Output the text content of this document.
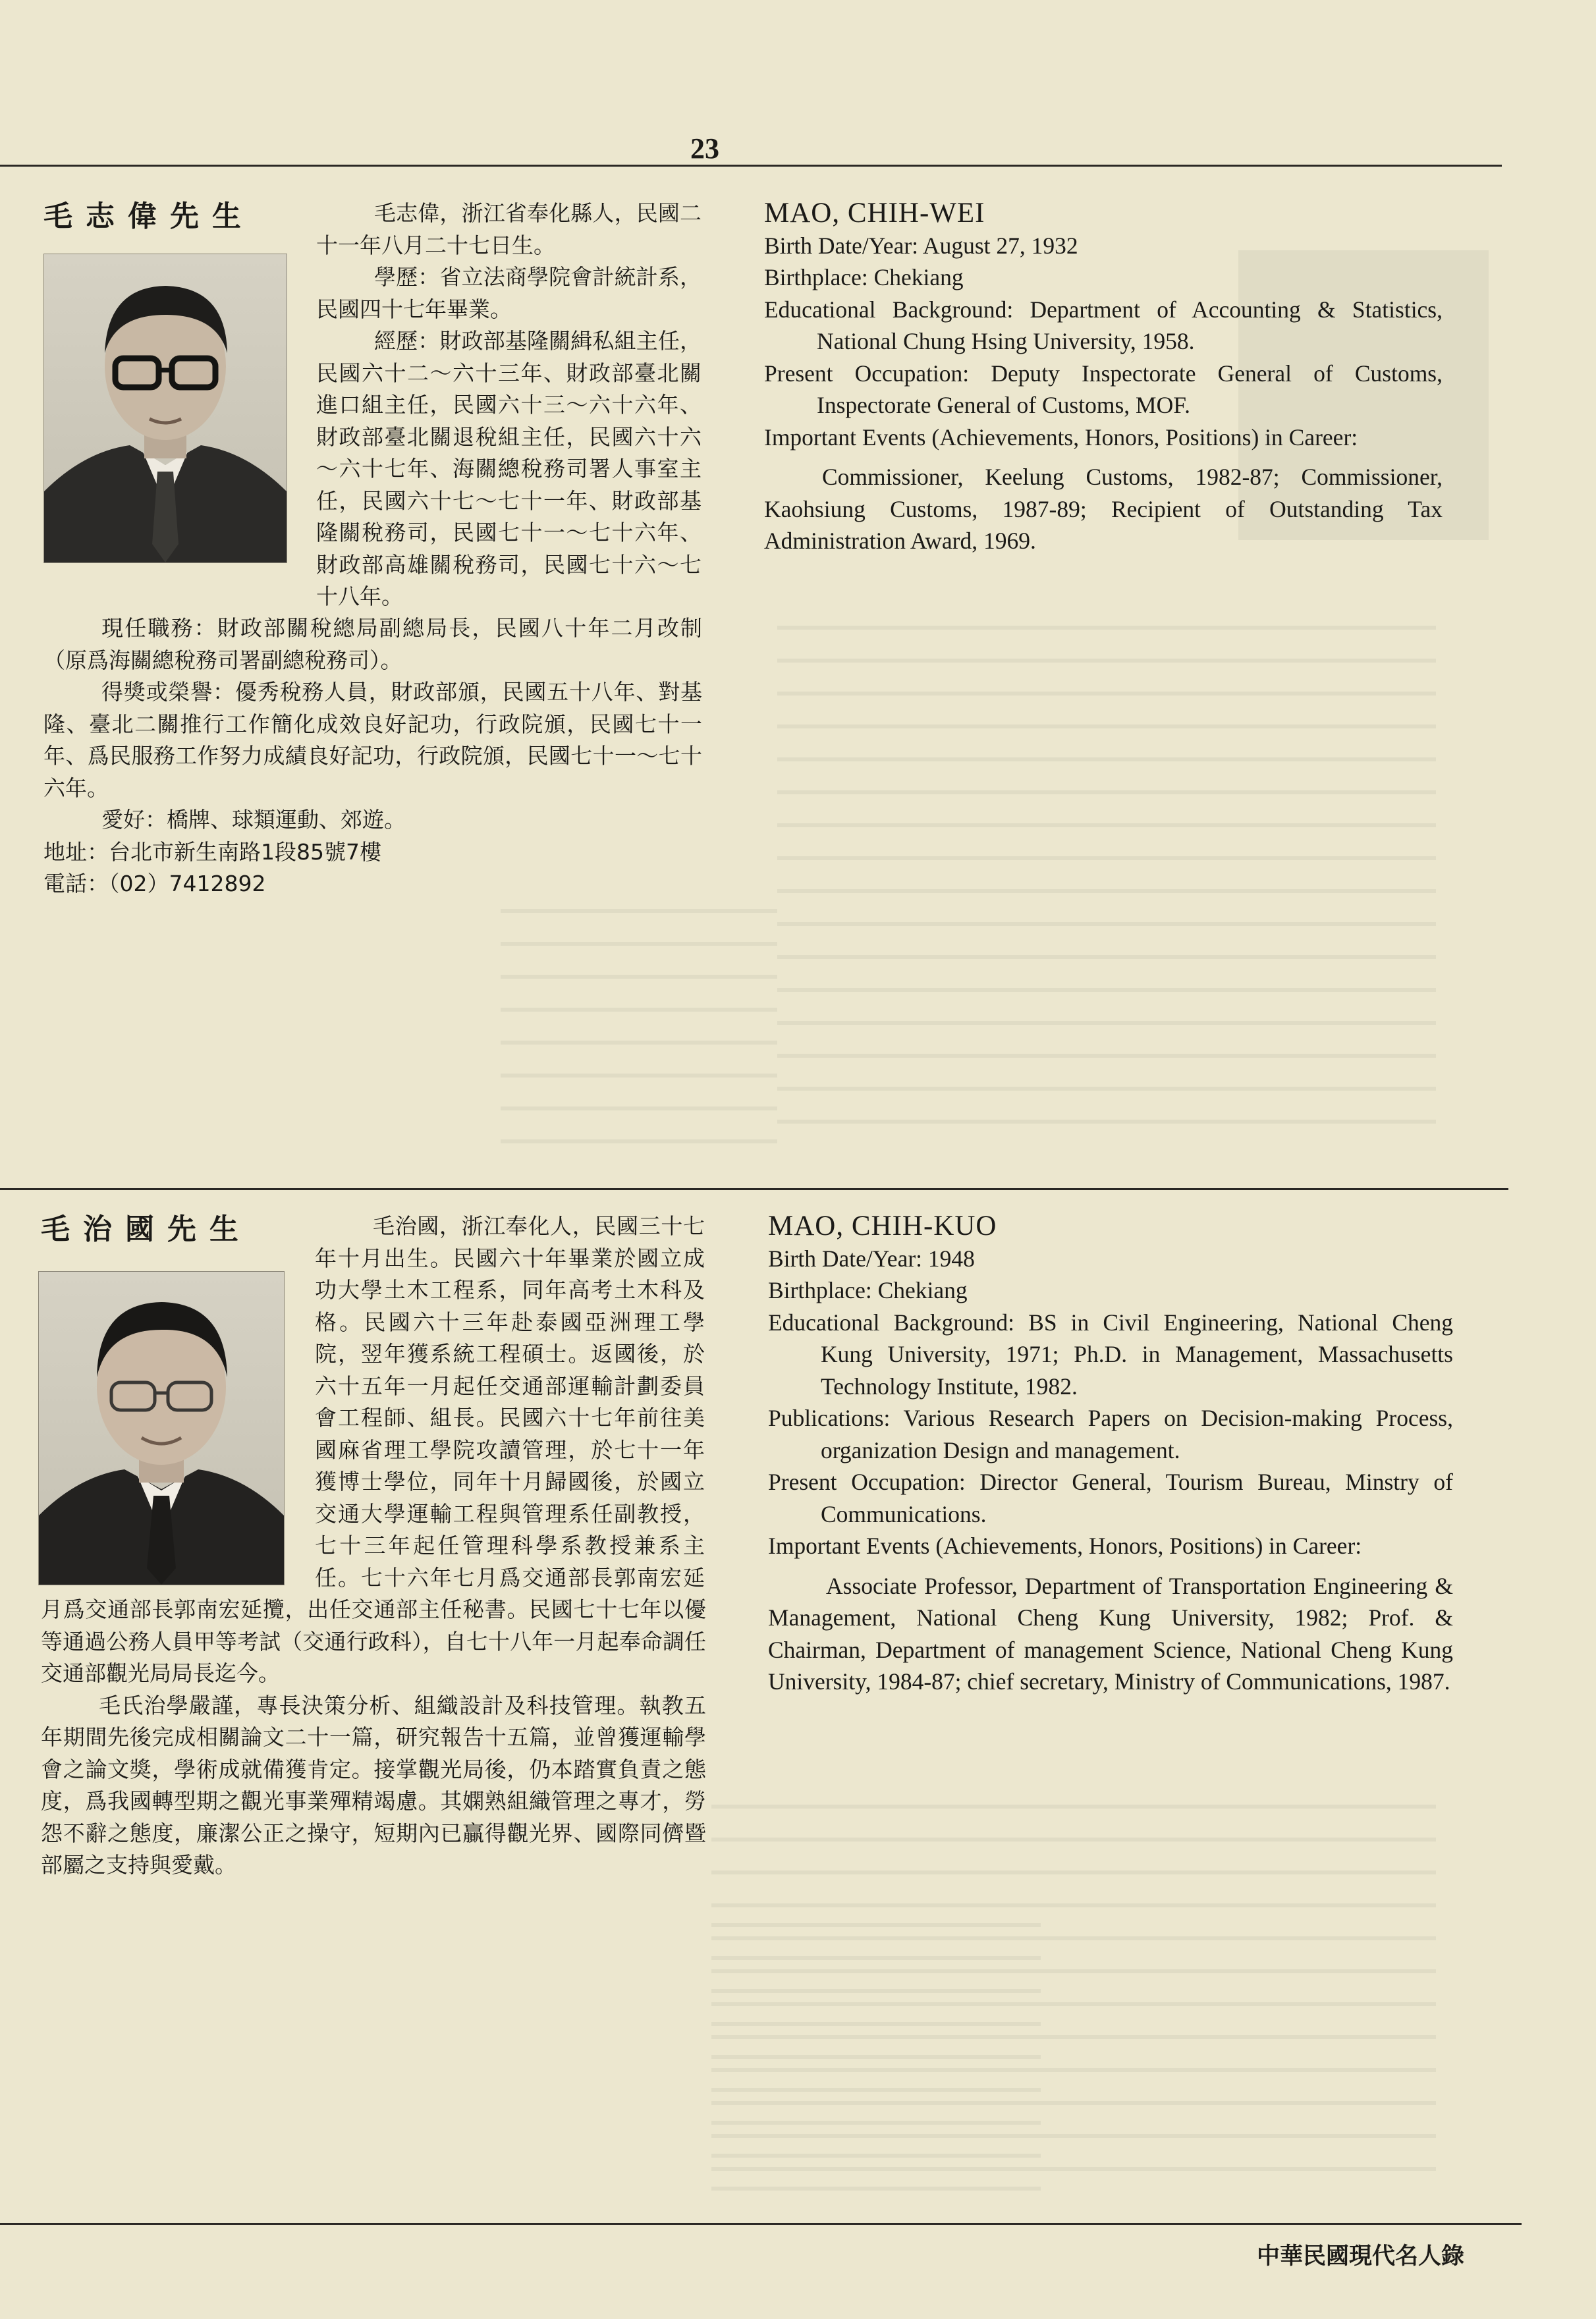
23
毛志偉先生	毛志偉，浙江省奉化縣人，民國二十一年八月二十七日生。

學歷：省立法商學院會計統計系，民國四十七年畢業。

經歷：財政部基隆關緝私組主任，民國六十二～六十三年、財政部臺北關進口組主任，民國六十三～六十六年、財政部臺北關退稅組主任，民國六十六～六十七年、海關總稅務司署人事室主任，民國六十七～七十一年、財政部基隆關稅務司，民國七十一～七十六年、財政部高雄關稅務司，民國七十六～七十八年。

現任職務：財政部關稅總局副總局長，民國八十年二月改制（原爲海關總稅務司署副總稅務司）。

得獎或榮譽：優秀稅務人員，財政部頒，民國五十八年、對基隆、臺北二關推行工作簡化成效良好記功，行政院頒，民國七十一年、爲民服務工作努力成績良好記功，行政院頒，民國七十一～七十六年。

愛好：橋牌、球類運動、郊遊。

地址：台北市新生南路1段85號7樓

電話：（02）7412892

MAO, CHIH-WEI

Birth Date/Year: August 27, 1932

Birthplace: Chekiang

Educational Background: Department of Accounting & Statistics, National Chung Hsing University, 1958.

Present Occupation: Deputy Inspectorate General of Customs, Inspectorate General of Customs, MOF.

Important Events (Achievements, Honors, Positions) in Career:

Commissioner, Keelung Customs, 1982-87; Commissioner, Kaohsiung Customs, 1987-89; Recipient of Outstanding Tax Administration Award, 1969.

毛治國先生	毛治國，浙江奉化人，民國三十七年十月出生。民國六十年畢業於國立成功大學土木工程系，同年高考土木科及格。民國六十三年赴泰國亞洲理工學院，翌年獲系統工程碩士。返國後，於六十五年一月起任交通部運輸計劃委員會工程師、組長。民國六十七年前往美國麻省理工學院攻讀管理，於七十一年獲博士學位，同年十月歸國後，於國立交通大學運輸工程與管理系任副教授，七十三年起任管理科學系教授兼系主任。七十六年七月爲交通部長郭南宏延

月爲交通部長郭南宏延攬，出任交通部主任秘書。民國七十七年以優等通過公務人員甲等考試（交通行政科），自七十八年一月起奉命調任交通部觀光局局長迄今。

毛氏治學嚴謹，專長決策分析、組織設計及科技管理。執教五年期間先後完成相關論文二十一篇，研究報告十五篇，並曾獲運輸學會之論文獎，學術成就備獲肯定。接掌觀光局後，仍本踏實負責之態度，爲我國轉型期之觀光事業殫精竭慮。其嫻熟組織管理之專才，勞怨不辭之態度，廉潔公正之操守，短期內已贏得觀光界、國際同儕暨部屬之支持與愛戴。

MAO, CHIH-KUO

Birth Date/Year: 1948

Birthplace: Chekiang

Educational Background: BS in Civil Engineering, National Cheng Kung University, 1971; Ph.D. in Management, Massachusetts Technology Institute, 1982.

Publications: Various Research Papers on Decision-making Process, organization Design and management.

Present Occupation: Director General, Tourism Bureau, Minstry of Communications.

Important Events (Achievements, Honors, Positions) in Career:

Associate Professor, Department of Transportation Engineering & Management, National Cheng Kung University, 1982; Prof. & Chairman, Department of management Science, National Cheng Kung University, 1984-87; chief secretary, Ministry of Communications, 1987.

中華民國現代名人錄
